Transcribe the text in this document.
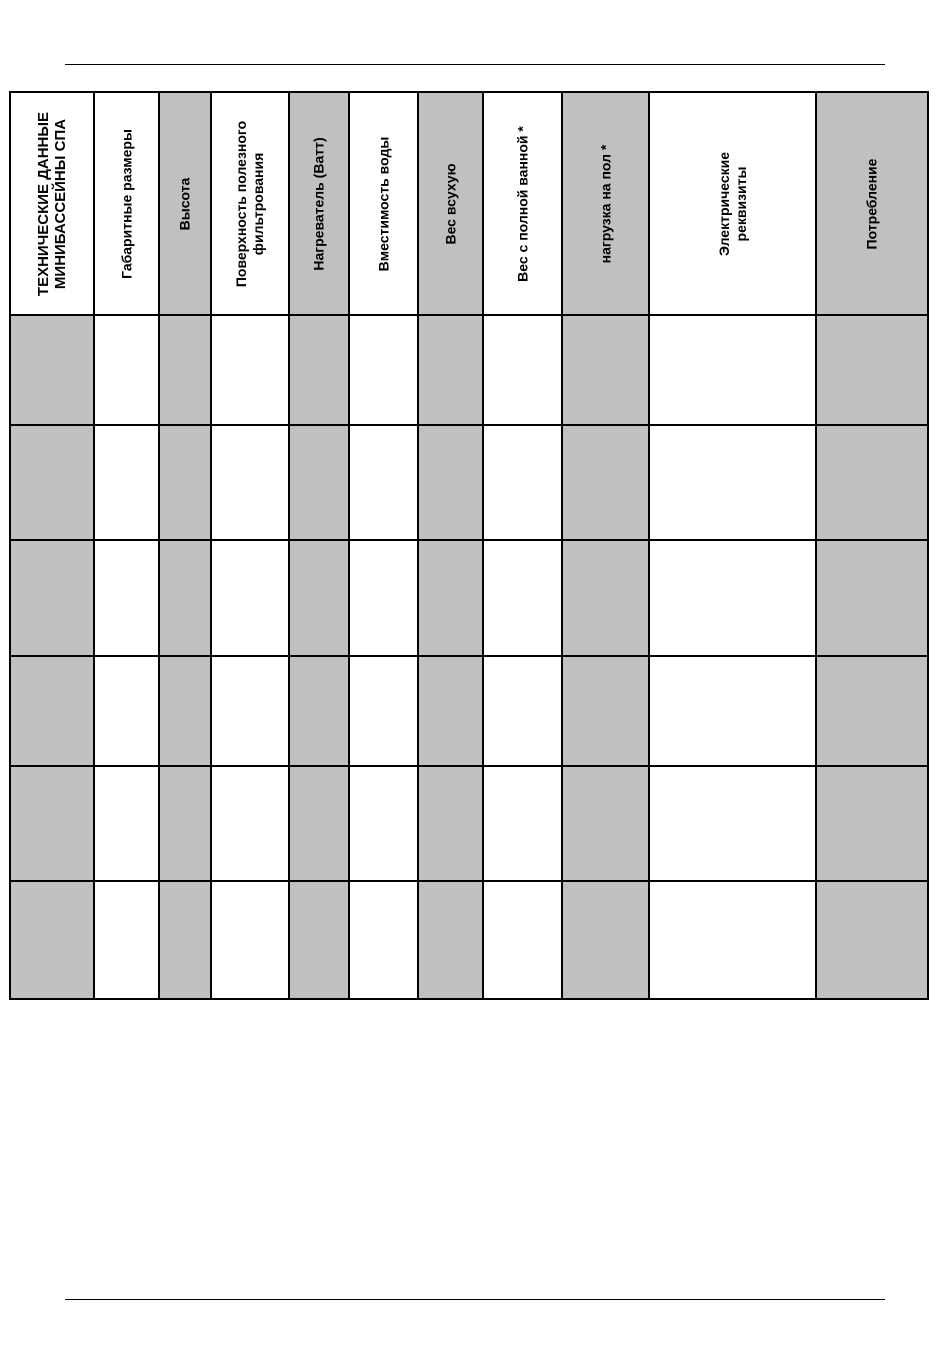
ТЕХНИЧЕСКИЕ ДАННЫЕ МИНИБАССЕЙНЫ СПА	Габаритные размеры	Высота	Поверхность полезного фильтрования	Нагреватель (Ватт)	Вместимость воды	Вес всухую	Вес с полной ванной *	нагрузка на пол *	Электрические реквизиты	Потребление
